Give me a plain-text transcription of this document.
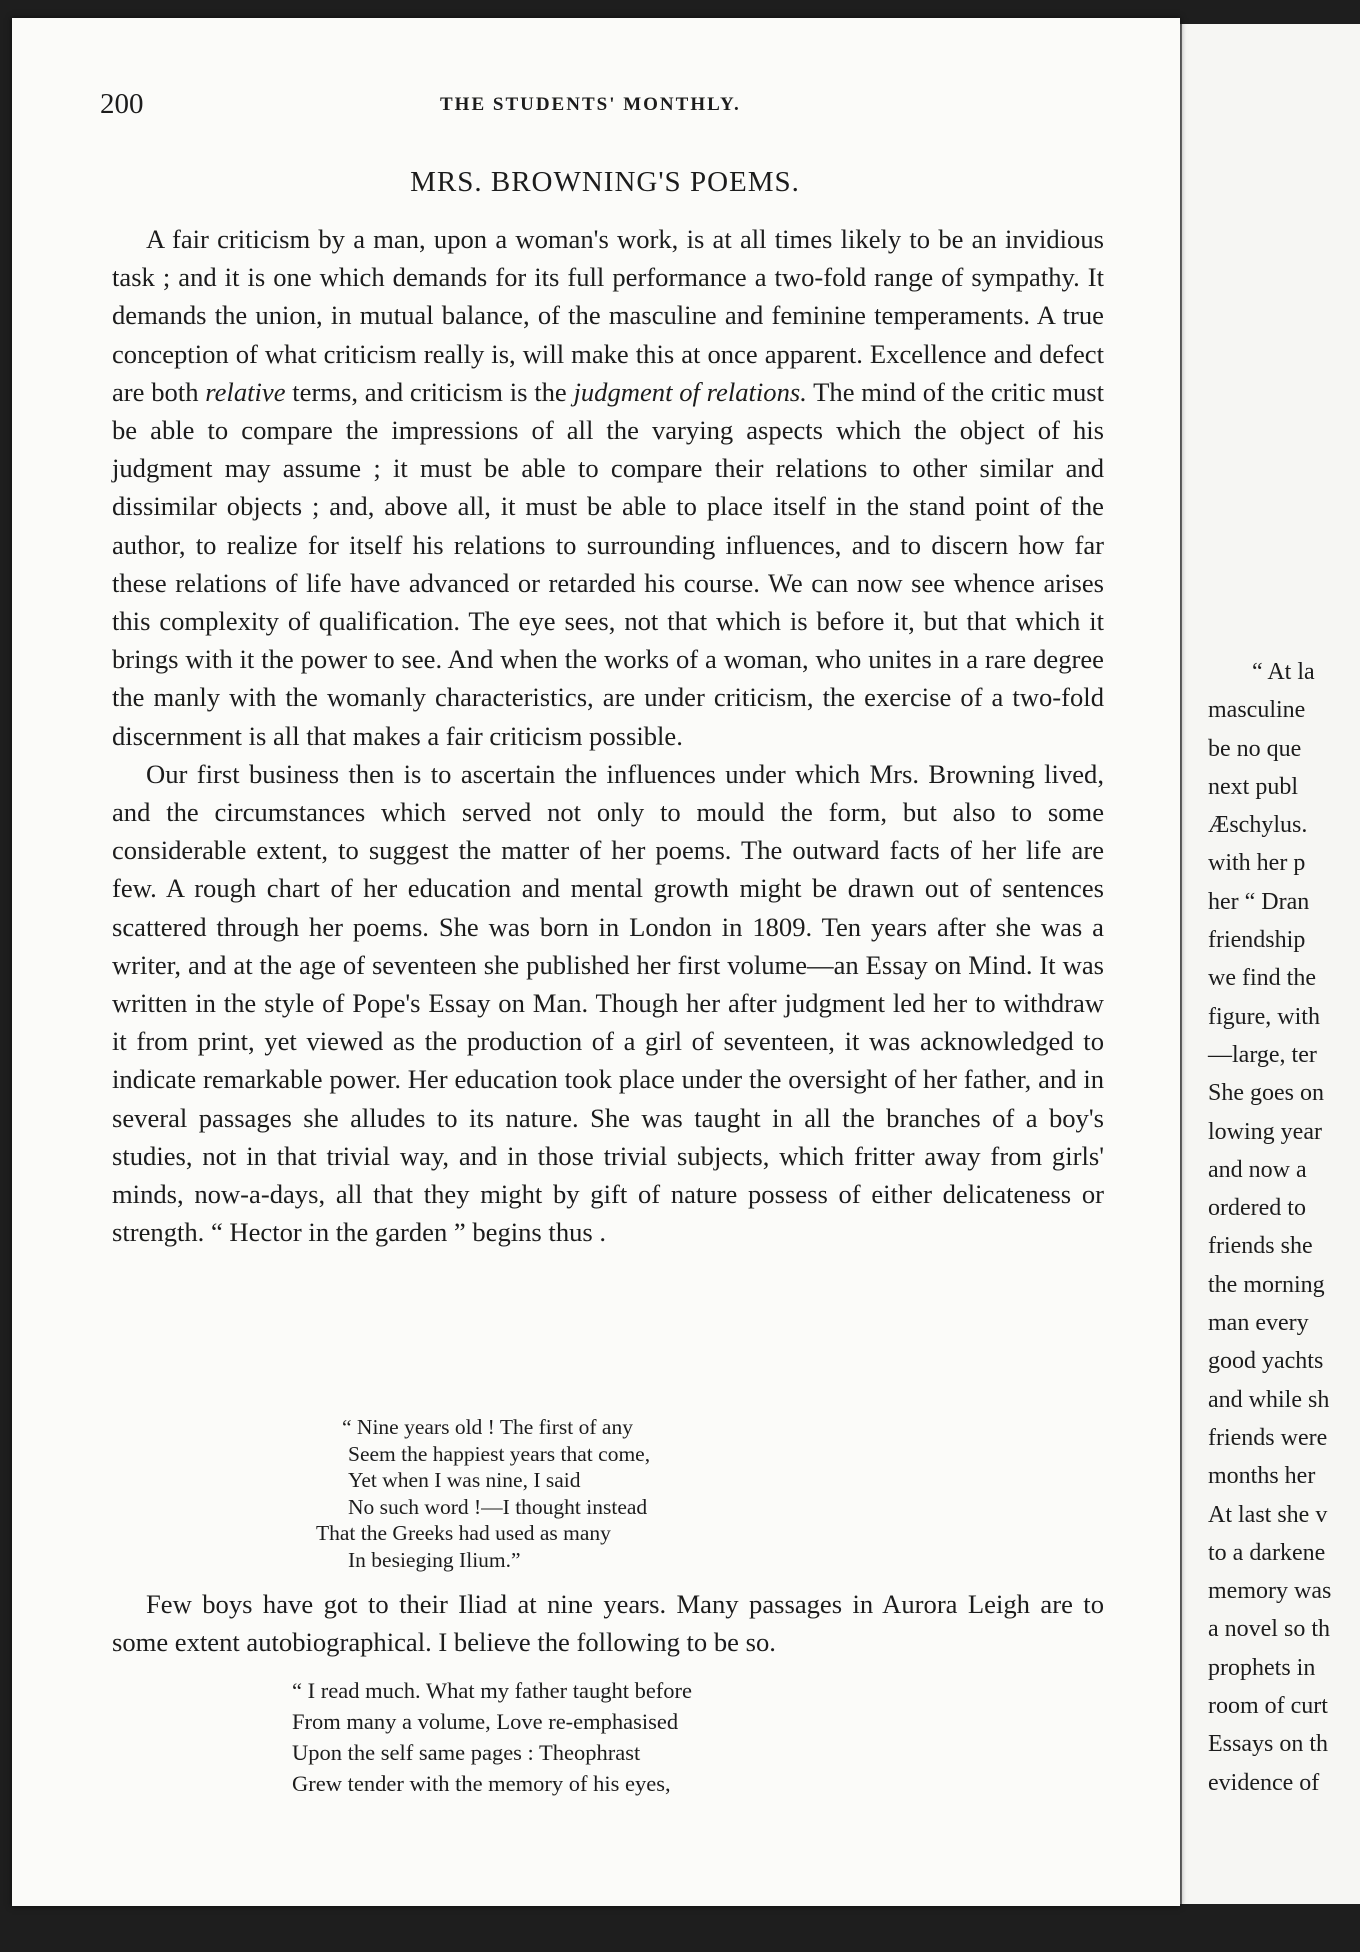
200	THE STUDENTS' MONTHLY.
MRS. BROWNING'S POEMS.

A fair criticism by a man, upon a woman's work, is at all times likely to be an invidious task ; and it is one which demands for its full performance a two-fold range of sympathy. It demands the union, in mutual balance, of the masculine and feminine temperaments. A true conception of what criticism really is, will make this at once apparent. Excellence and defect are both relative terms, and criticism is the judgment of relations. The mind of the critic must be able to compare the impressions of all the varying aspects which the object of his judgment may assume ; it must be able to compare their relations to other similar and dissimilar objects ; and, above all, it must be able to place itself in the stand point of the author, to realize for itself his relations to surrounding influences, and to discern how far these relations of life have advanced or retarded his course. We can now see whence arises this complexity of qualification. The eye sees, not that which is before it, but that which it brings with it the power to see. And when the works of a woman, who unites in a rare degree the manly with the womanly characteristics, are under criticism, the exercise of a two-fold discernment is all that makes a fair criticism possible.

Our first business then is to ascertain the influences under which Mrs. Browning lived, and the circumstances which served not only to mould the form, but also to some considerable extent, to suggest the matter of her poems. The outward facts of her life are few. A rough chart of her education and mental growth might be drawn out of sentences scattered through her poems. She was born in London in 1809. Ten years after she was a writer, and at the age of seventeen she published her first volume—an Essay on Mind. It was written in the style of Pope's Essay on Man. Though her after judgment led her to withdraw it from print, yet viewed as the production of a girl of seventeen, it was acknowledged to indicate remarkable power. Her education took place under the oversight of her father, and in several passages she alludes to its nature. She was taught in all the branches of a boy's studies, not in that trivial way, and in those trivial subjects, which fritter away from girls' minds, now-a-days, all that they might by gift of nature possess of either delicateness or strength. “ Hector in the garden ” begins thus .

“ Nine years old ! The first of any
Seem the happiest years that come,
Yet when I was nine, I said
No such word !—I thought instead
That the Greeks had used as many
In besieging Ilium.”

Few boys have got to their Iliad at nine years. Many passages in Aurora Leigh are to some extent autobiographical. I believe the following to be so.

“ I read much. What my father taught before
From many a volume, Love re-emphasised
Upon the self same pages : Theophrast
Grew tender with the memory of his eyes,
“ At la
masculine
be no que
next publ
Æschylus.
with her p
her “ Dran
friendship
we find the
figure, with
—large, ter
She goes on
lowing year
and now a
ordered to
friends she
the morning
man every
good yachts
and while sh
friends were
months her
At last she v
to a darkene
memory was
a novel so th
prophets in
room of curt
Essays on th
evidence of
